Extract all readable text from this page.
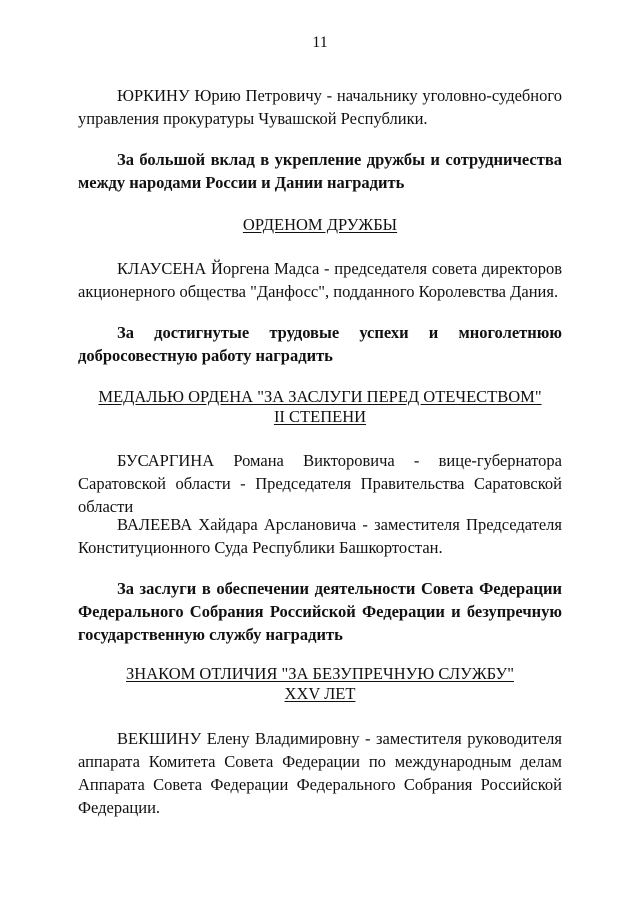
11

ЮРКИНУ Юрию Петровичу - начальнику уголовно-судебного управления прокуратуры Чувашской Республики.

За большой вклад в укрепление дружбы и сотрудничества между народами России и Дании наградить

ОРДЕНОМ ДРУЖБЫ

КЛАУСЕНА Йоргена Мадса - председателя совета директоров акционерного общества "Данфосс", подданного Королевства Дания.

За достигнутые трудовые успехи и многолетнюю
добросовестную работу наградить

МЕДАЛЬЮ ОРДЕНА "ЗА ЗАСЛУГИ ПЕРЕД ОТЕЧЕСТВОМ"
II СТЕПЕНИ

БУСАРГИНА Романа Викторовича - вице-губернатора Саратовской области - Председателя Правительства Саратовской области

ВАЛЕЕВА Хайдара Арслановича - заместителя Председателя Конституционного Суда Республики Башкортостан.

За заслуги в обеспечении деятельности Совета Федерации Федерального Собрания Российской Федерации и безупречную государственную службу наградить

ЗНАКОМ ОТЛИЧИЯ "ЗА БЕЗУПРЕЧНУЮ СЛУЖБУ"
XXV ЛЕТ

ВЕКШИНУ Елену Владимировну - заместителя руководителя аппарата Комитета Совета Федерации по международным делам Аппарата Совета Федерации Федерального Собрания Российской Федерации.
